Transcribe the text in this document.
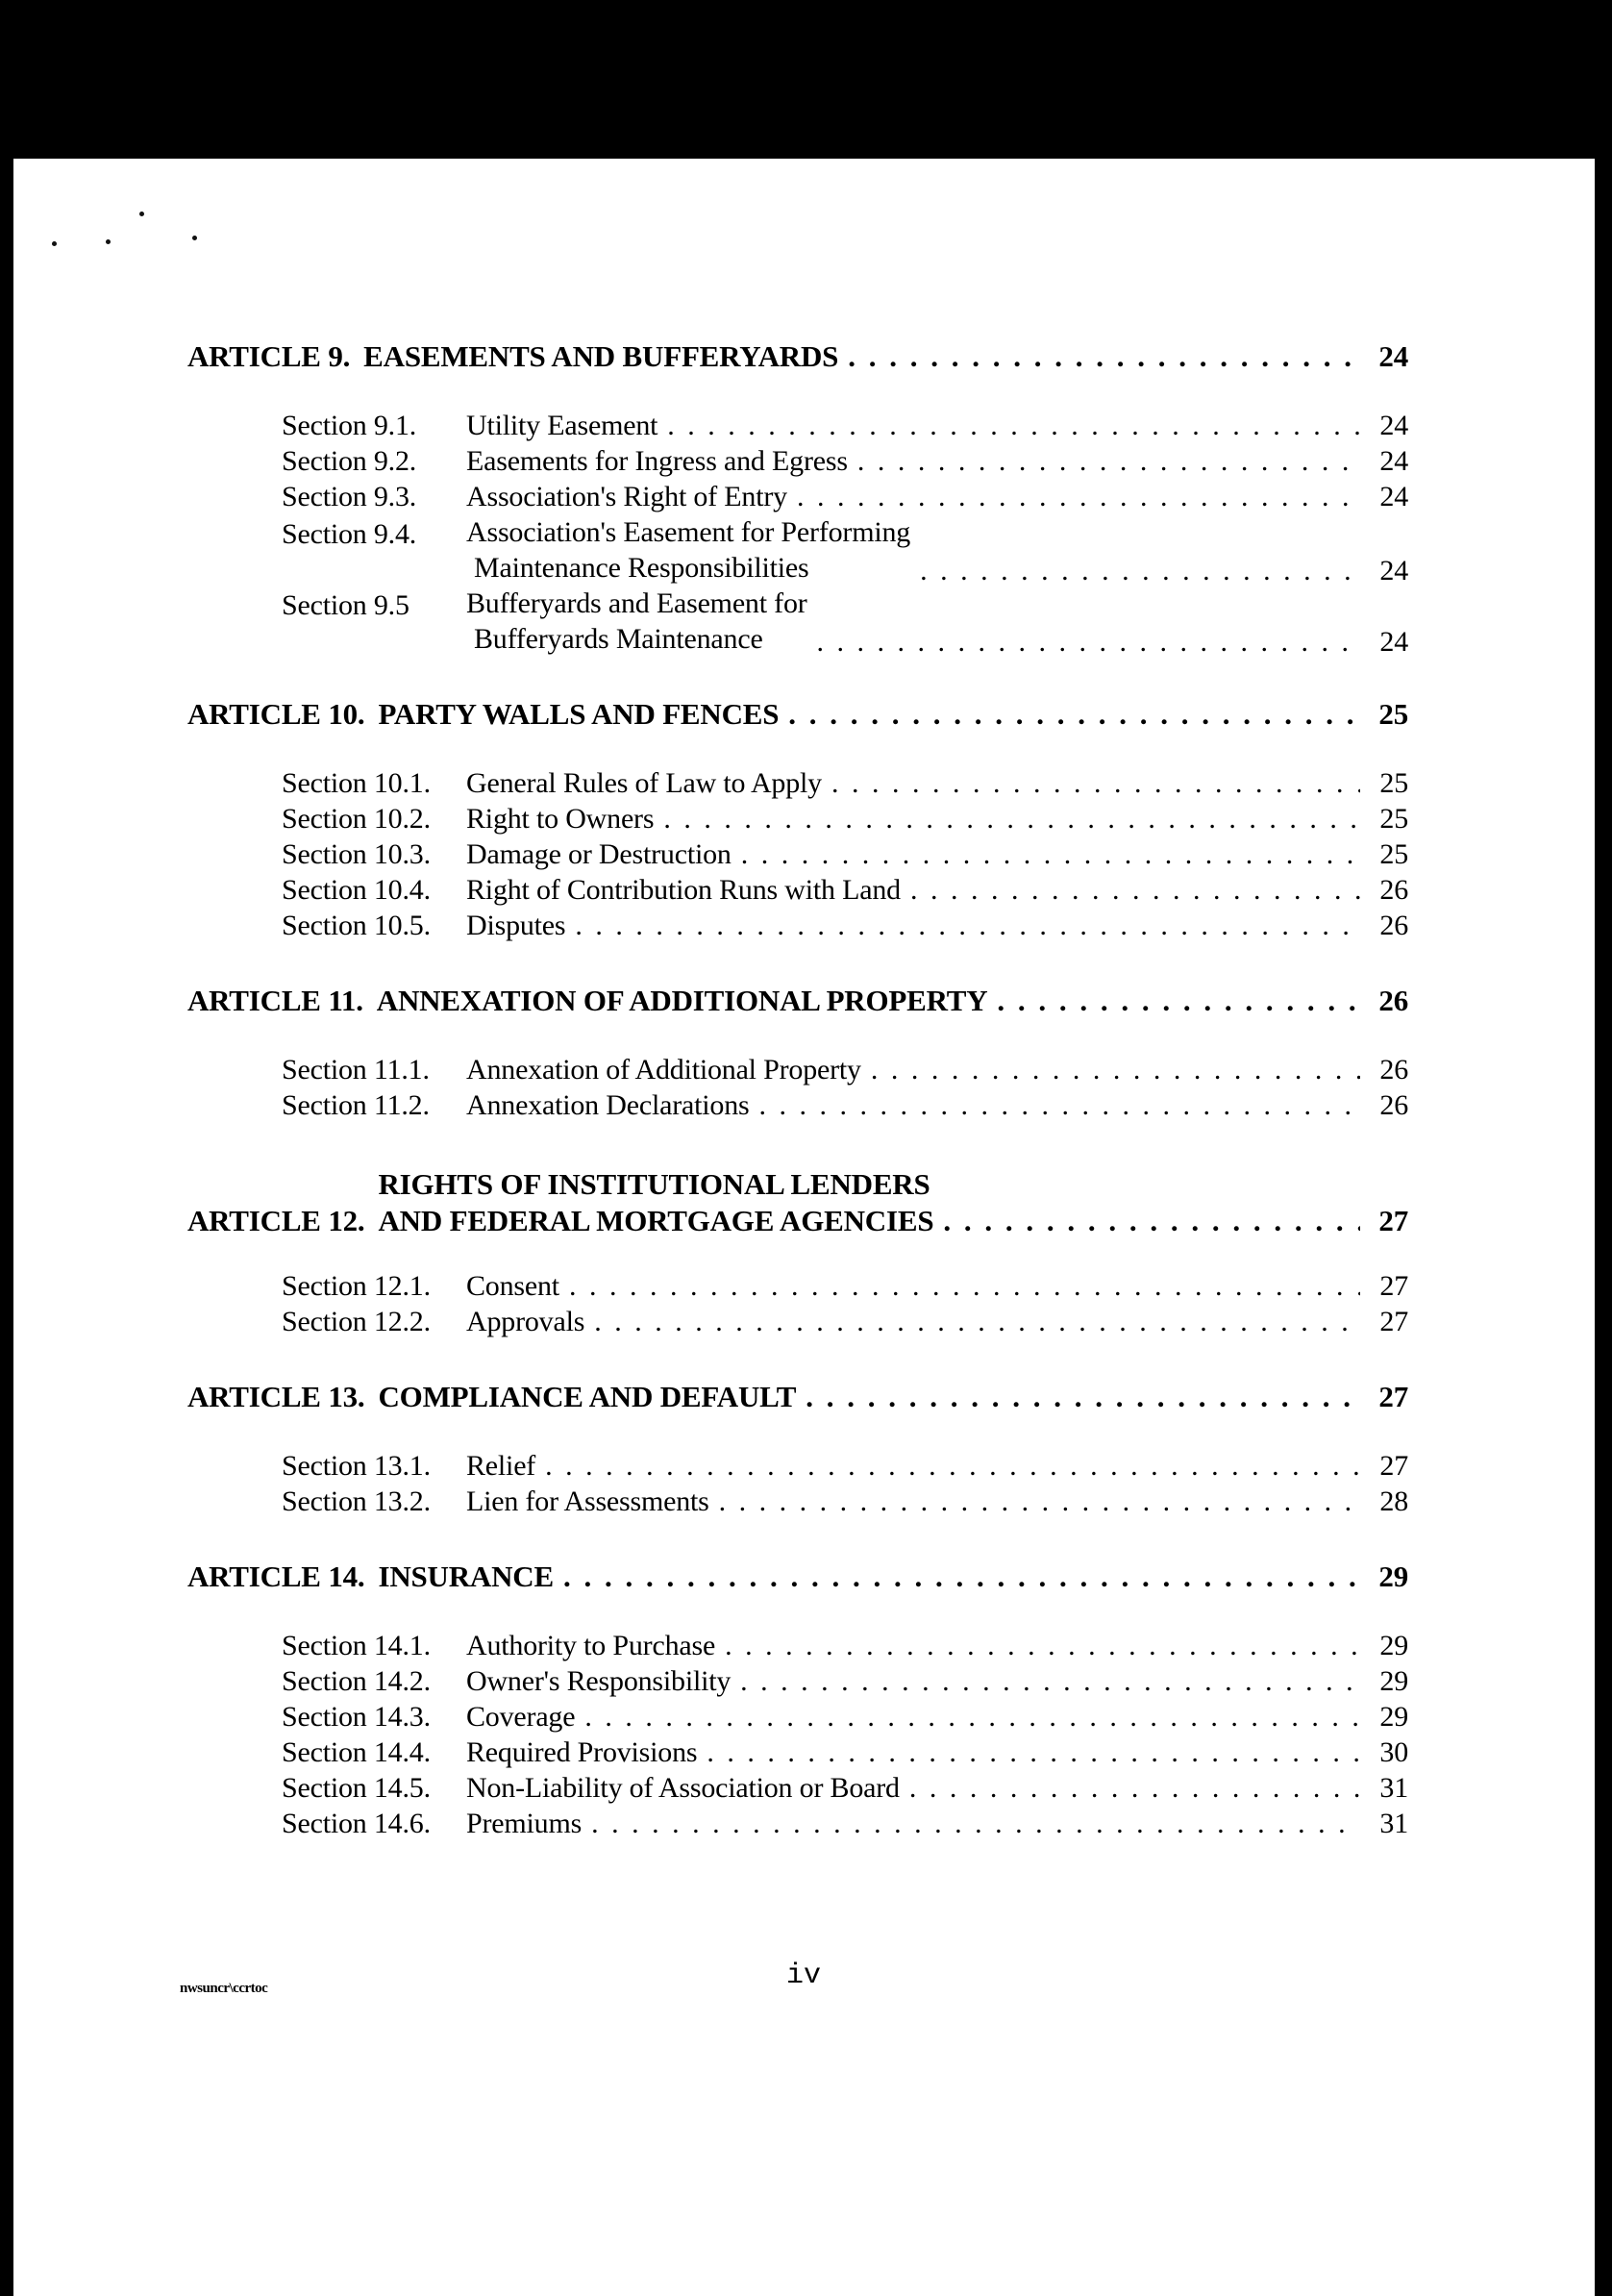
ARTICLE 9. EASEMENTS AND BUFFERYARDS . . .	24
Section 9.1.	Utility Easement . . .	24
Section 9.2.	Easements for Ingress and Egress . . .	24
Section 9.3.	Association's Right of Entry . . .	24
Section 9.4.	Association's Easement for Performing
Maintenance Responsibilities . . .	24
Section 9.5	Bufferyards and Easement for
Bufferyards Maintenance . . .	24
ARTICLE 10. PARTY WALLS AND FENCES . . .	25
Section 10.1.	General Rules of Law to Apply . . .	25
Section 10.2.	Right to Owners . . .	25
Section 10.3.	Damage or Destruction . . .	25
Section 10.4.	Right of Contribution Runs with Land . . .	26
Section 10.5.	Disputes . . .	26
ARTICLE 11. ANNEXATION OF ADDITIONAL PROPERTY . . .	26
Section 11.1.	Annexation of Additional Property . . .	26
Section 11.2.	Annexation Declarations . . .	26
ARTICLE 12.
RIGHTS OF INSTITUTIONAL LENDERS
AND FEDERAL MORTGAGE AGENCIES . . .	27
Section 12.1.	Consent . . .	27
Section 12.2.	Approvals . . .	27
ARTICLE 13. COMPLIANCE AND DEFAULT . . .	27
Section 13.1.	Relief . . .	27
Section 13.2.	Lien for Assessments . . .	28
ARTICLE 14. INSURANCE . . .	29
Section 14.1.	Authority to Purchase . . .	29
Section 14.2.	Owner's Responsibility . . .	29
Section 14.3.	Coverage . . .	29
Section 14.4.	Required Provisions . . .	30
Section 14.5.	Non-Liability of Association or Board . . .	31
Section 14.6.	Premiums . . .	31
nwsuncr\ccrtoc	iv
10317 2244
